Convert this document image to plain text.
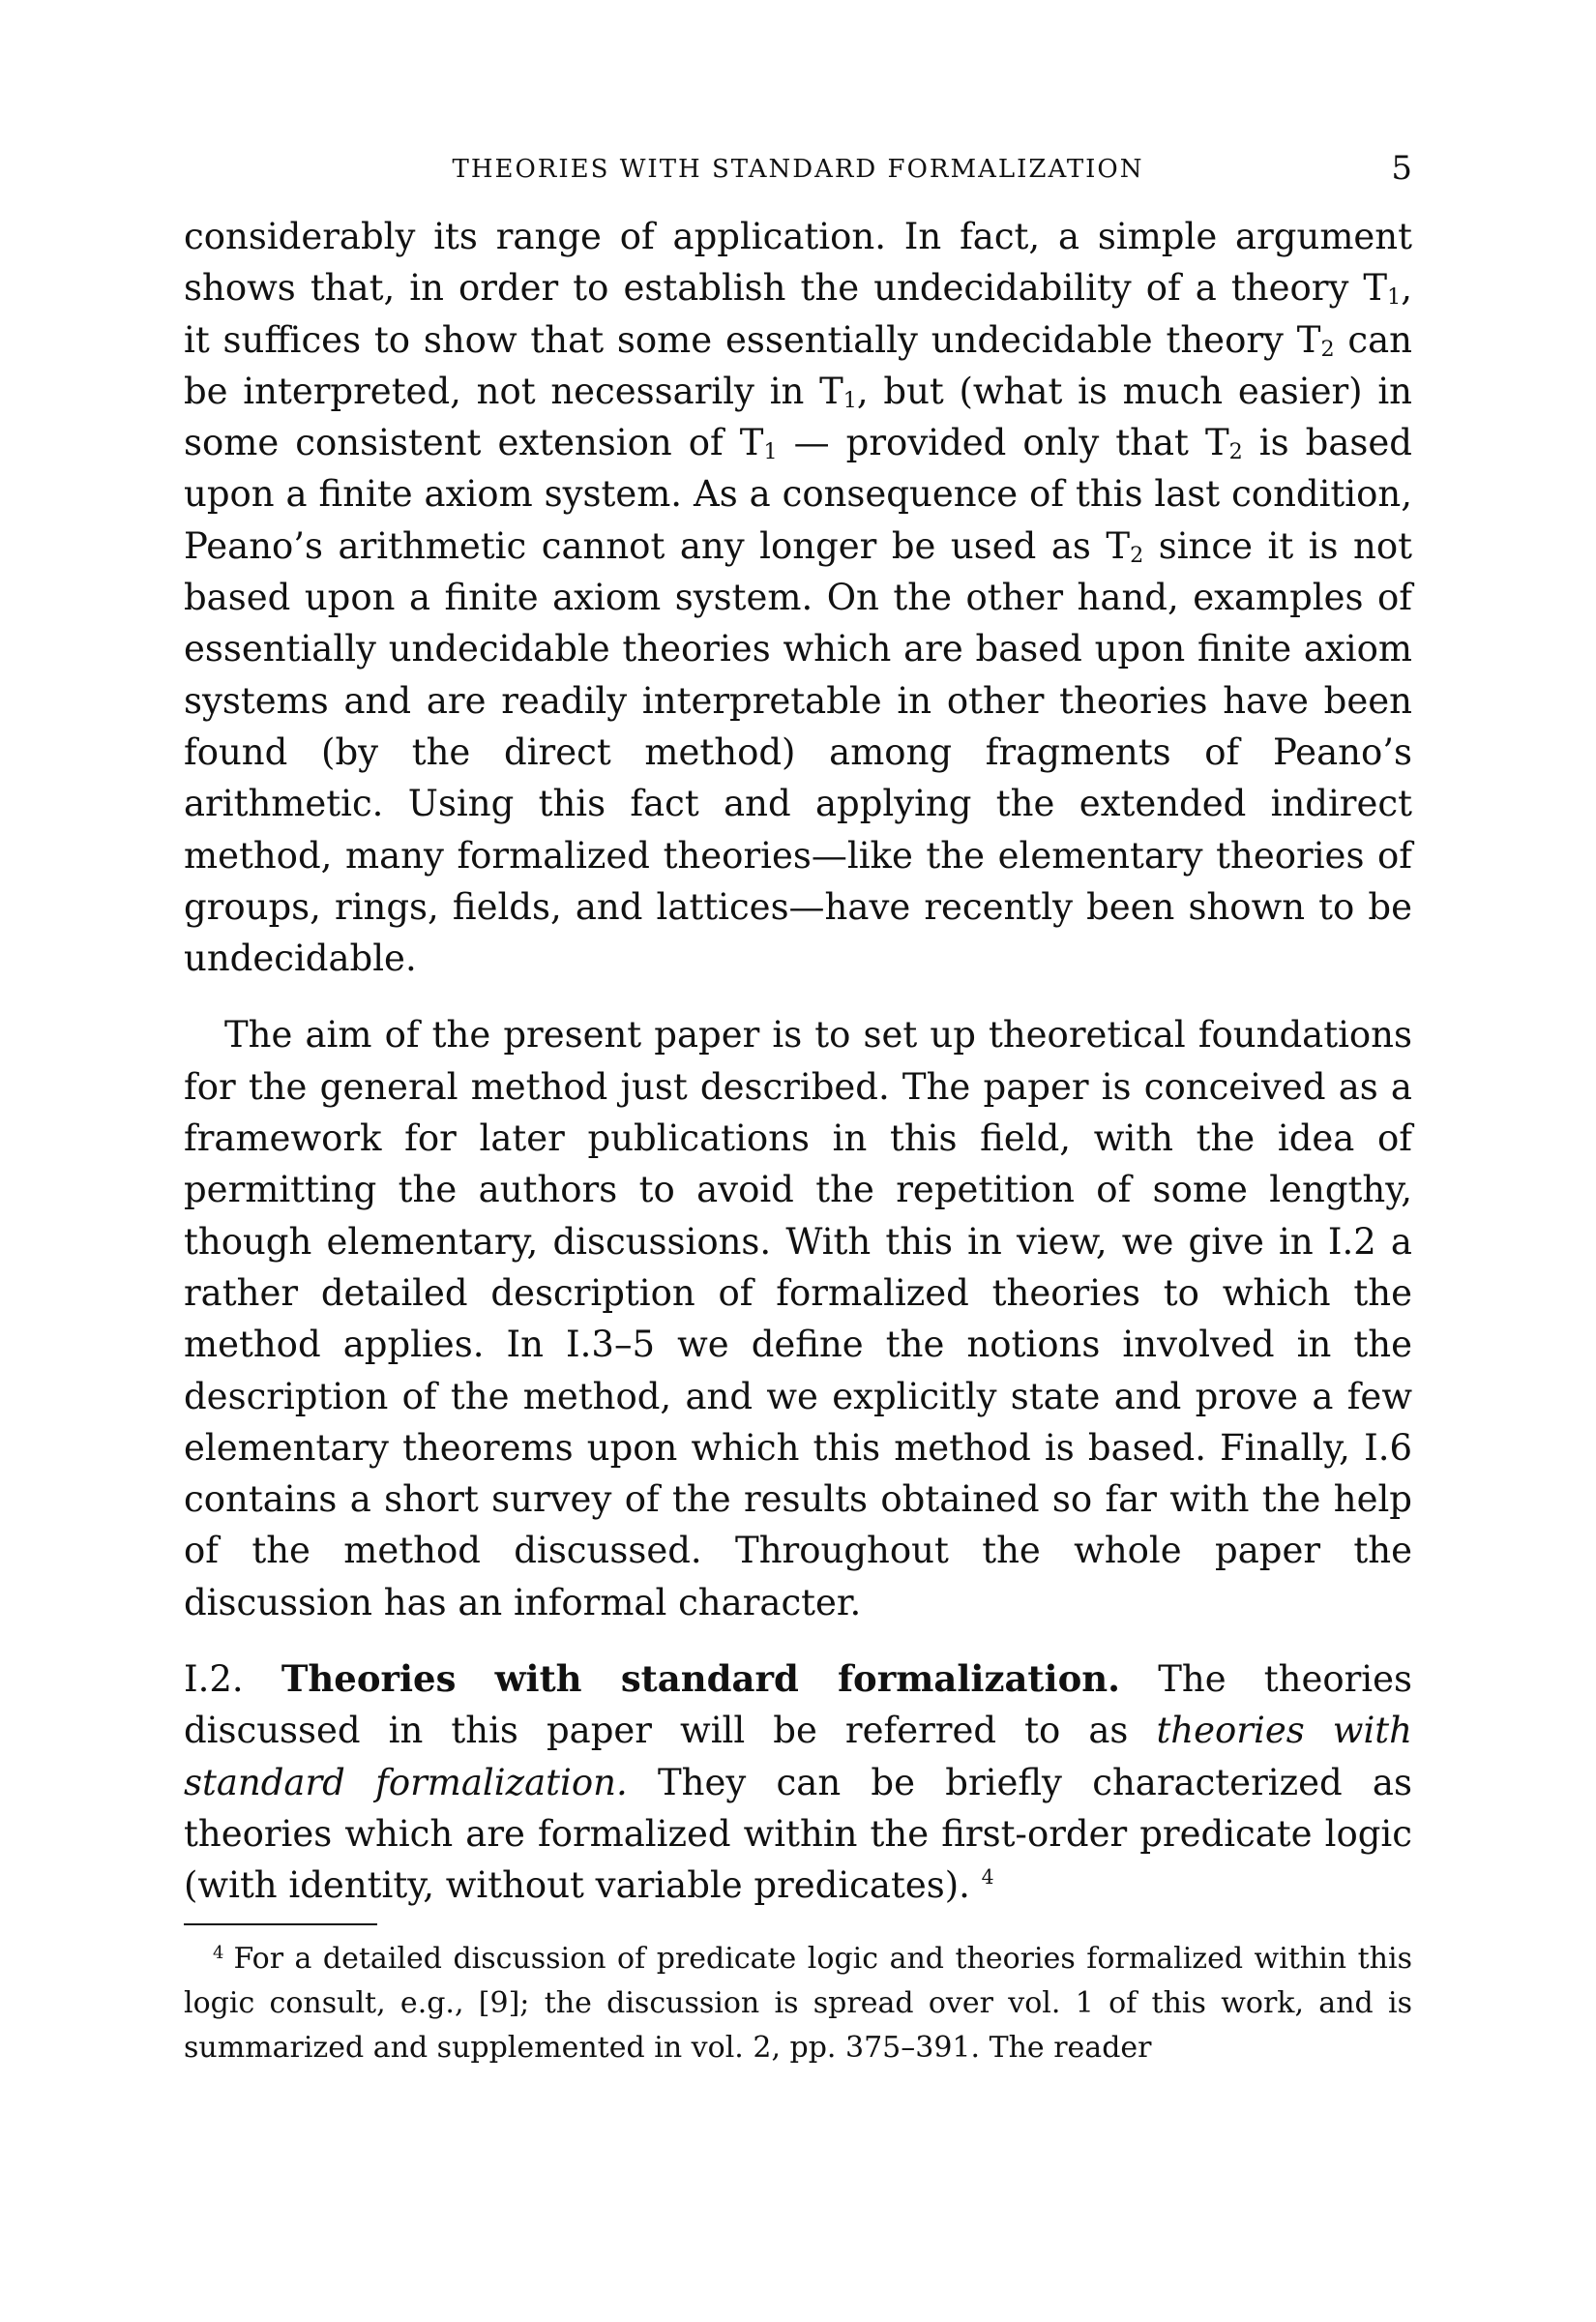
THEORIES WITH STANDARD FORMALIZATION	5

considerably its range of application. In fact, a simple argument shows that, in order to establish the undecidability of a theory $T_1$, it suffices to show that some essentially undecidable theory $T_2$ can be interpreted, not necessarily in $T_1$, but (what is much easier) in some consistent extension of $T_1$ — provided only that $T_2$ is based upon a finite axiom system. As a consequence of this last condition, Peano’s arithmetic cannot any longer be used as $T_2$ since it is not based upon a finite axiom system. On the other hand, examples of essentially undecidable theories which are based upon finite axiom systems and are readily interpretable in other theories have been found (by the direct method) among fragments of Peano’s arithmetic. Using this fact and applying the extended indirect method, many formalized theories—like the elementary theories of groups, rings, fields, and lattices—have recently been shown to be undecidable.

The aim of the present paper is to set up theoretical foundations for the general method just described. The paper is conceived as a framework for later publications in this field, with the idea of permitting the authors to avoid the repetition of some lengthy, though elementary, discussions. With this in view, we give in I.2 a rather detailed description of formalized theories to which the method applies. In I.3–5 we define the notions involved in the description of the method, and we explicitly state and prove a few elementary theorems upon which this method is based. Finally, I.6 contains a short survey of the results obtained so far with the help of the method discussed. Throughout the whole paper the discussion has an informal character.

I.2. Theories with standard formalization. The theories discussed in this paper will be referred to as theories with standard formalization. They can be briefly characterized as theories which are formalized within the first-order predicate logic (with identity, without variable predicates). $^4$

$^4$ For a detailed discussion of predicate logic and theories formalized within this logic consult, e.g., [9]; the discussion is spread over vol. 1 of this work, and is summarized and supplemented in vol. 2, pp. 375–391. The reader
